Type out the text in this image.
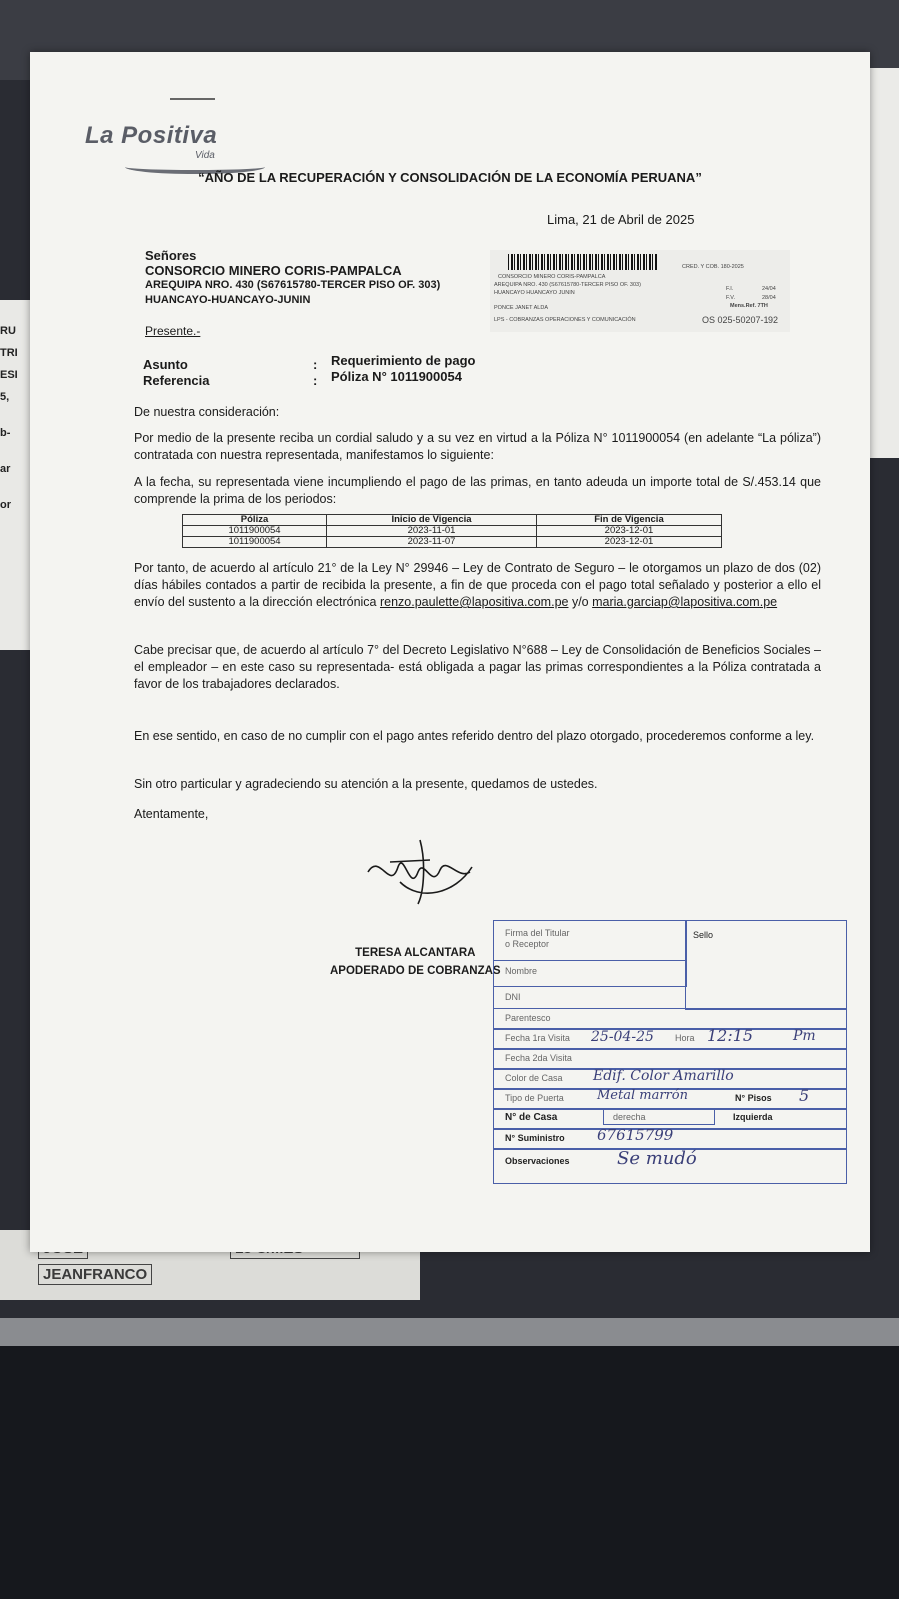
RU
TRI
ESI
5,
b-
ar
or
JEANFRANCO
La Positiva
Vida
“AÑO DE LA RECUPERACIÓN Y CONSOLIDACIÓN DE LA ECONOMÍA PERUANA”
Lima, 21 de Abril de 2025
Señores
CONSORCIO MINERO CORIS-PAMPALCA
AREQUIPA NRO. 430 (S67615780-TERCER PISO OF. 303)
HUANCAYO-HUANCAYO-JUNIN
Presente.-
CONSORCIO MINERO CORIS-PAMPALCA
AREQUIPA NRO. 430 (S67615780-TERCER PISO OF. 303)
HUANCAYO HUANCAYO JUNIN
CRED. Y COB. 180-2025
F.I.	24/04
F.V.	28/04
Mens.Ref. 7TH
PONCE JANET ALDA
LPS - COBRANZAS OPERACIONES Y COMUNICACIÓN	OS 025-50207-1 92
Asunto	: Requerimiento de pago
Referencia	: Póliza N° 1011900054
De nuestra consideración:
Por medio de la presente reciba un cordial saludo y a su vez en virtud a la Póliza N° 1011900054 (en adelante “La póliza”) contratada con nuestra representada, manifestamos lo siguiente:
A la fecha, su representada viene incumpliendo el pago de las primas, en tanto adeuda un importe total de S/.453.14 que comprende la prima de los periodos:
Póliza	Inicio de Vigencia	Fin de Vigencia
1011900054	2023-11-01	2023-12-01
1011900054	2023-11-07	2023-12-01
Por tanto, de acuerdo al artículo 21° de la Ley N° 29946 – Ley de Contrato de Seguro – le otorgamos un plazo de dos (02) días hábiles contados a partir de recibida la presente, a fin de que proceda con el pago total señalado y posterior a ello el envío del sustento a la dirección electrónica renzo.paulette@lapositiva.com.pe y/o maria.garciap@lapositiva.com.pe
Cabe precisar que, de acuerdo al artículo 7° del Decreto Legislativo N°688 – Ley de Consolidación de Beneficios Sociales – el empleador – en este caso su representada- está obligada a pagar las primas correspondientes a la Póliza contratada a favor de los trabajadores declarados.
En ese sentido, en caso de no cumplir con el pago antes referido dentro del plazo otorgado, procederemos conforme a ley.
Sin otro particular y agradeciendo su atención a la presente, quedamos de ustedes.
Atentamente,
TERESA ALCANTARA
APODERADO DE COBRANZAS
Firma del Titular
o Receptor
Sello
Nombre
DNI
Parentesco
Fecha 1ra Visita 25-04-25 Hora 12:15	Pm
Fecha 2da Visita
Color de Casa Edif. Color Amarillo
Tipo de Puerta	Metal marrón	N° Pisos 5
N° de Casa	derecha	Izquierda
N° Suministro 67615799
Observaciones	Se mudó
